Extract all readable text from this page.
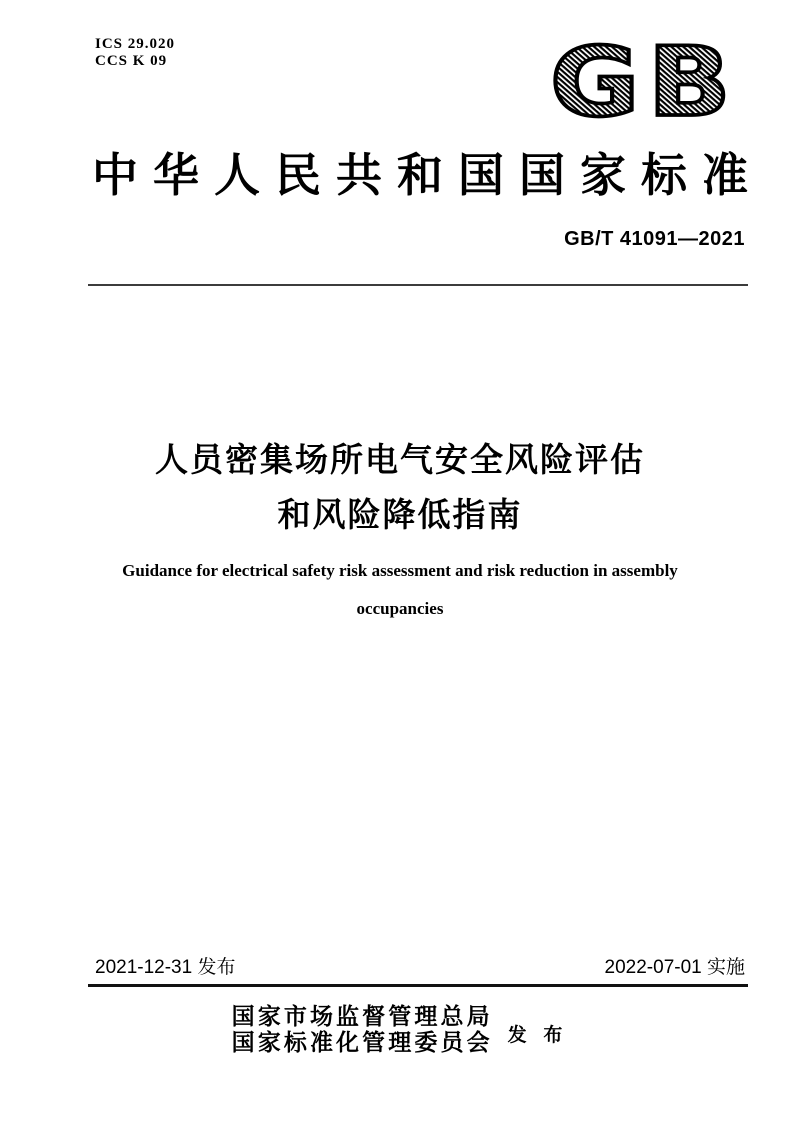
ICS 29.020
CCS K 09	G B
中华人民共和国国家标准
GB/T 41091—2021
人员密集场所电气安全风险评估
和风险降低指南
Guidance for electrical safety risk assessment and risk reduction in assembly
occupancies
2021-12-31 发布	2022-07-01 实施
国家市场监督管理总局
国家标准化管理委员会 发 布
